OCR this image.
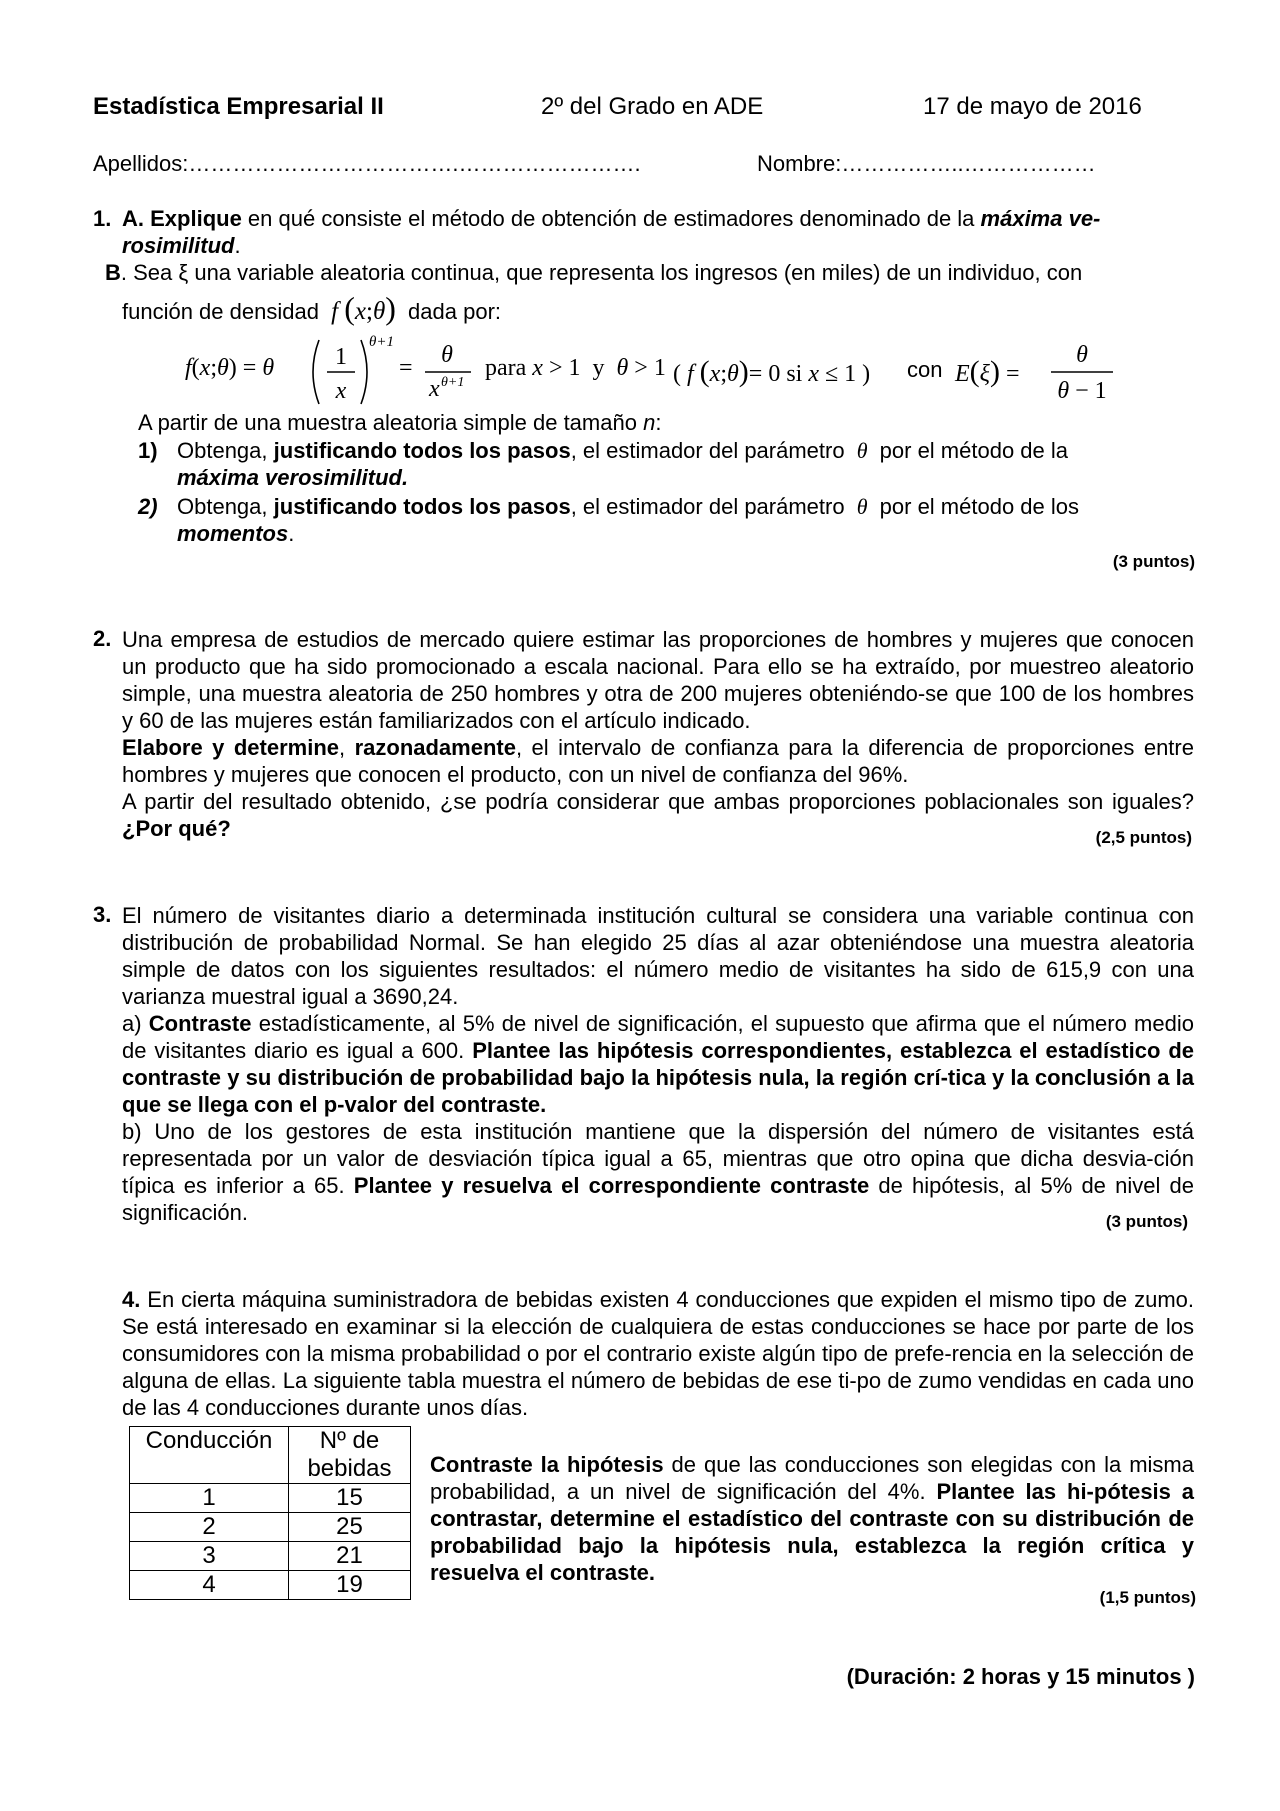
Estadística Empresarial II	2º del Grado en ADE	17 de mayo de 2016
Apellidos:……………………………….…………………….	Nombre:……………..………………
1. A. Explique en qué consiste el método de obtención de estimadores denominado de la máxima ve-
rosimilitud.
B. Sea ξ una variable aleatoria continua, que representa los ingresos (en miles) de un individuo, con
función de densidad f (x;θ) dada por:
f(x;θ) = θ	1
x
θ+1
= θ
x θ+1
para x > 1  y  θ > 1 ( f (x;θ)= 0 si x ≤ 1 ) con E(ξ) =
θ
θ − 1
A partir de una muestra aleatoria simple de tamaño n:
1) Obtenga, justificando todos los pasos, el estimador del parámetro θ por el método de la
máxima verosimilitud.
2) Obtenga, justificando todos los pasos, el estimador del parámetro θ por el método de los
momentos.
(3 puntos)
2. Una empresa de estudios de mercado quiere estimar las proporciones de hombres y mujeres que conocen un producto que ha sido promocionado a escala nacional. Para ello se ha extraído, por muestreo aleatorio simple, una muestra aleatoria de 250 hombres y otra de 200 mujeres obteniéndo-se que 100 de los hombres y 60 de las mujeres están familiarizados con el artículo indicado.
Elabore y determine, razonadamente, el intervalo de confianza para la diferencia de proporciones entre hombres y mujeres que conocen el producto, con un nivel de confianza del 96%.
A partir del resultado obtenido, ¿se podría considerar que ambas proporciones poblacionales son iguales? ¿Por qué?	(2,5 puntos)
3. El número de visitantes diario a determinada institución cultural se considera una variable continua con distribución de probabilidad Normal. Se han elegido 25 días al azar obteniéndose una muestra aleatoria simple de datos con los siguientes resultados: el número medio de visitantes ha sido de 615,9 con una varianza muestral igual a 3690,24.
a) Contraste estadísticamente, al 5% de nivel de significación, el supuesto que afirma que el número medio de visitantes diario es igual a 600. Plantee las hipótesis correspondientes, establezca el estadístico de contraste y su distribución de probabilidad bajo la hipótesis nula, la región crí-tica y la conclusión a la que se llega con el p-valor del contraste.
b) Uno de los gestores de esta institución mantiene que la dispersión del número de visitantes está representada por un valor de desviación típica igual a 65, mientras que otro opina que dicha desvia-ción típica es inferior a 65. Plantee y resuelva el correspondiente contraste de hipótesis, al 5% de nivel de significación.	(3 puntos)
4. En cierta máquina suministradora de bebidas existen 4 conducciones que expiden el mismo tipo de zumo. Se está interesado en examinar si la elección de cualquiera de estas conducciones se hace por parte de los consumidores con la misma probabilidad o por el contrario existe algún tipo de prefe-rencia en la selección de alguna de ellas. La siguiente tabla muestra el número de bebidas de ese ti-po de zumo vendidas en cada uno de las 4 conducciones durante unos días.
Conducción	Nº de bebidas
1	15
2	25
3	21
4	19
Contraste la hipótesis de que las conducciones son elegidas con la misma probabilidad, a un nivel de significación del 4%. Plantee las hi-pótesis a contrastar, determine el estadístico del contraste con su distribución de probabilidad bajo la hipótesis nula, establezca la región crítica y resuelva el contraste.
(1,5 puntos)
(Duración: 2 horas y 15 minutos )
